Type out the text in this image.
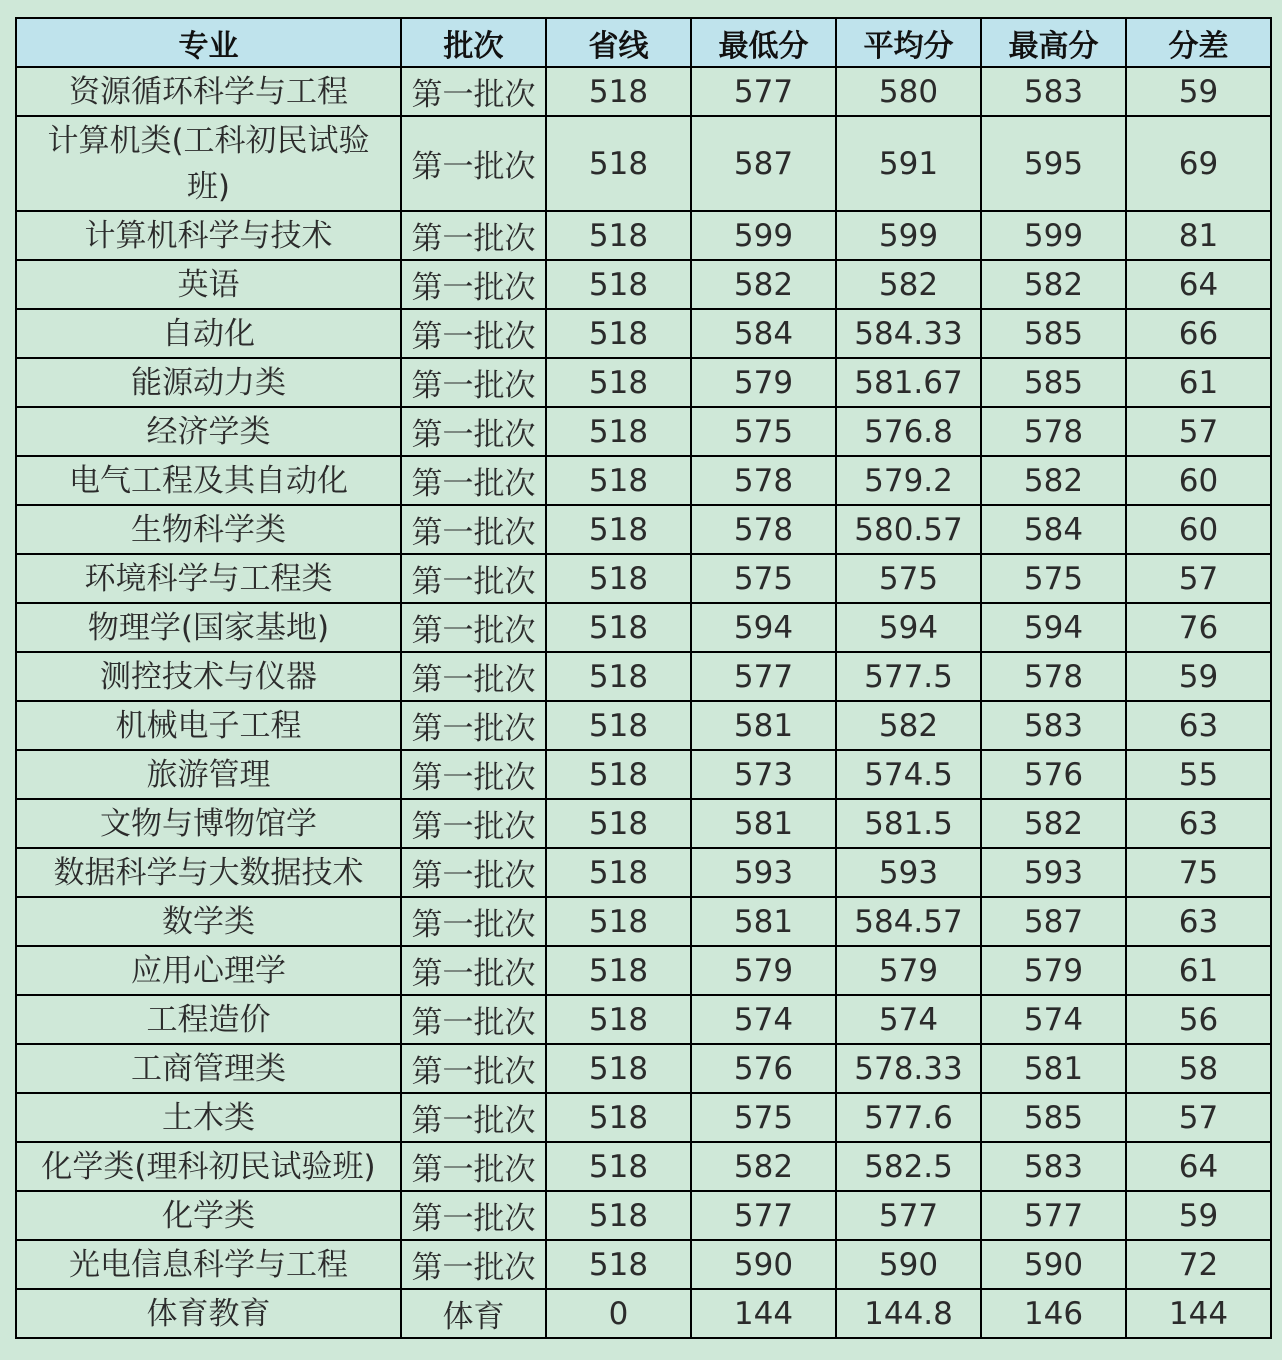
专业	批次	省线	最低分	平均分	最高分	分差
资源循环科学与工程	第一批次	518	577	580	583	59
计算机类(工科初民试验班)	第一批次	518	587	591	595	69
计算机科学与技术	第一批次	518	599	599	599	81
英语	第一批次	518	582	582	582	64
自动化	第一批次	518	584	584.33	585	66
能源动力类	第一批次	518	579	581.67	585	61
经济学类	第一批次	518	575	576.8	578	57
电气工程及其自动化	第一批次	518	578	579.2	582	60
生物科学类	第一批次	518	578	580.57	584	60
环境科学与工程类	第一批次	518	575	575	575	57
物理学(国家基地)	第一批次	518	594	594	594	76
测控技术与仪器	第一批次	518	577	577.5	578	59
机械电子工程	第一批次	518	581	582	583	63
旅游管理	第一批次	518	573	574.5	576	55
文物与博物馆学	第一批次	518	581	581.5	582	63
数据科学与大数据技术	第一批次	518	593	593	593	75
数学类	第一批次	518	581	584.57	587	63
应用心理学	第一批次	518	579	579	579	61
工程造价	第一批次	518	574	574	574	56
工商管理类	第一批次	518	576	578.33	581	58
土木类	第一批次	518	575	577.6	585	57
化学类(理科初民试验班)	第一批次	518	582	582.5	583	64
化学类	第一批次	518	577	577	577	59
光电信息科学与工程	第一批次	518	590	590	590	72
体育教育	体育	0	144	144.8	146	144
